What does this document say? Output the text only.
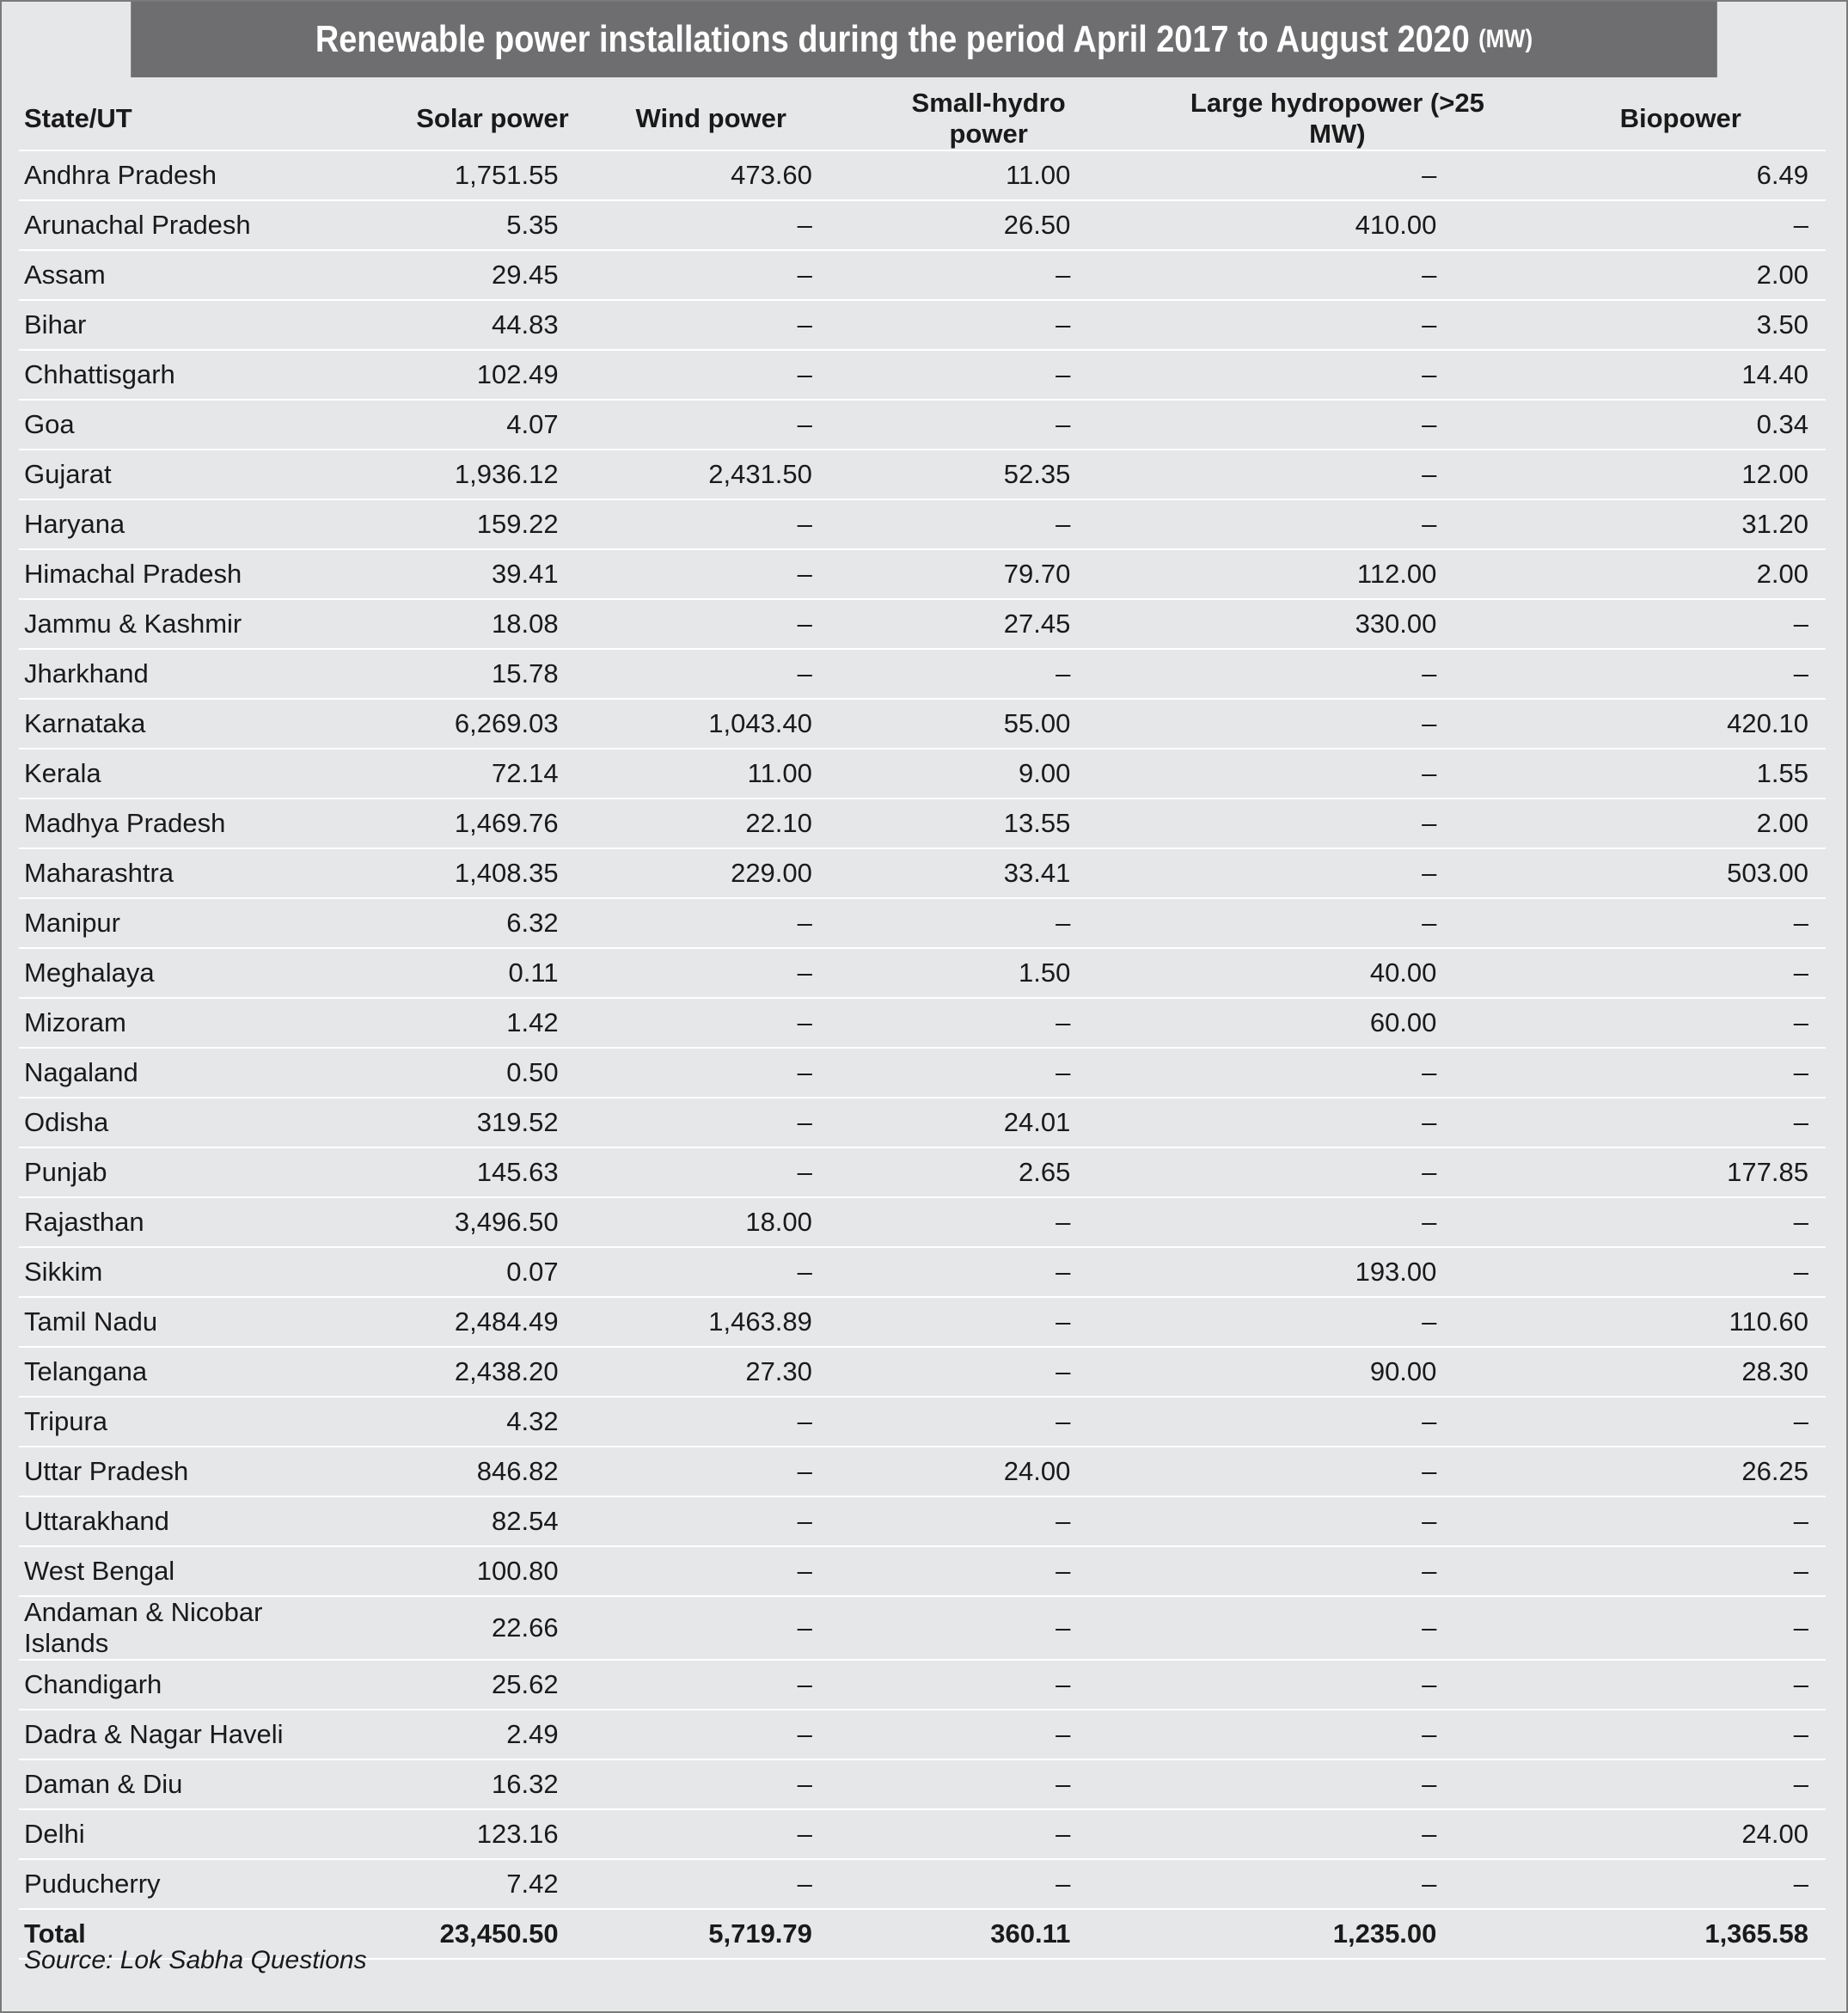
Renewable power installations during the period April 2017 to August 2020 (MW)
State/UT	Solar power	Wind power	Small-hydro power	Large hydropower (>25 MW)	Biopower
Andhra Pradesh	1,751.55	473.60	11.00	–	6.49
Arunachal Pradesh	5.35	–	26.50	410.00	–
Assam	29.45	–	–	–	2.00
Bihar	44.83	–	–	–	3.50
Chhattisgarh	102.49	–	–	–	14.40
Goa	4.07	–	–	–	0.34
Gujarat	1,936.12	2,431.50	52.35	–	12.00
Haryana	159.22	–	–	–	31.20
Himachal Pradesh	39.41	–	79.70	112.00	2.00
Jammu & Kashmir	18.08	–	27.45	330.00	–
Jharkhand	15.78	–	–	–	–
Karnataka	6,269.03	1,043.40	55.00	–	420.10
Kerala	72.14	11.00	9.00	–	1.55
Madhya Pradesh	1,469.76	22.10	13.55	–	2.00
Maharashtra	1,408.35	229.00	33.41	–	503.00
Manipur	6.32	–	–	–	–
Meghalaya	0.11	–	1.50	40.00	–
Mizoram	1.42	–	–	60.00	–
Nagaland	0.50	–	–	–	–
Odisha	319.52	–	24.01	–	–
Punjab	145.63	–	2.65	–	177.85
Rajasthan	3,496.50	18.00	–	–	–
Sikkim	0.07	–	–	193.00	–
Tamil Nadu	2,484.49	1,463.89	–	–	110.60
Telangana	2,438.20	27.30	–	90.00	28.30
Tripura	4.32	–	–	–	–
Uttar Pradesh	846.82	–	24.00	–	26.25
Uttarakhand	82.54	–	–	–	–
West Bengal	100.80	–	–	–	–
Andaman & Nicobar Islands	22.66	–	–	–	–
Chandigarh	25.62	–	–	–	–
Dadra & Nagar Haveli	2.49	–	–	–	–
Daman & Diu	16.32	–	–	–	–
Delhi	123.16	–	–	–	24.00
Puducherry	7.42	–	–	–	–
Total	23,450.50	5,719.79	360.11	1,235.00	1,365.58
Source: Lok Sabha Questions
